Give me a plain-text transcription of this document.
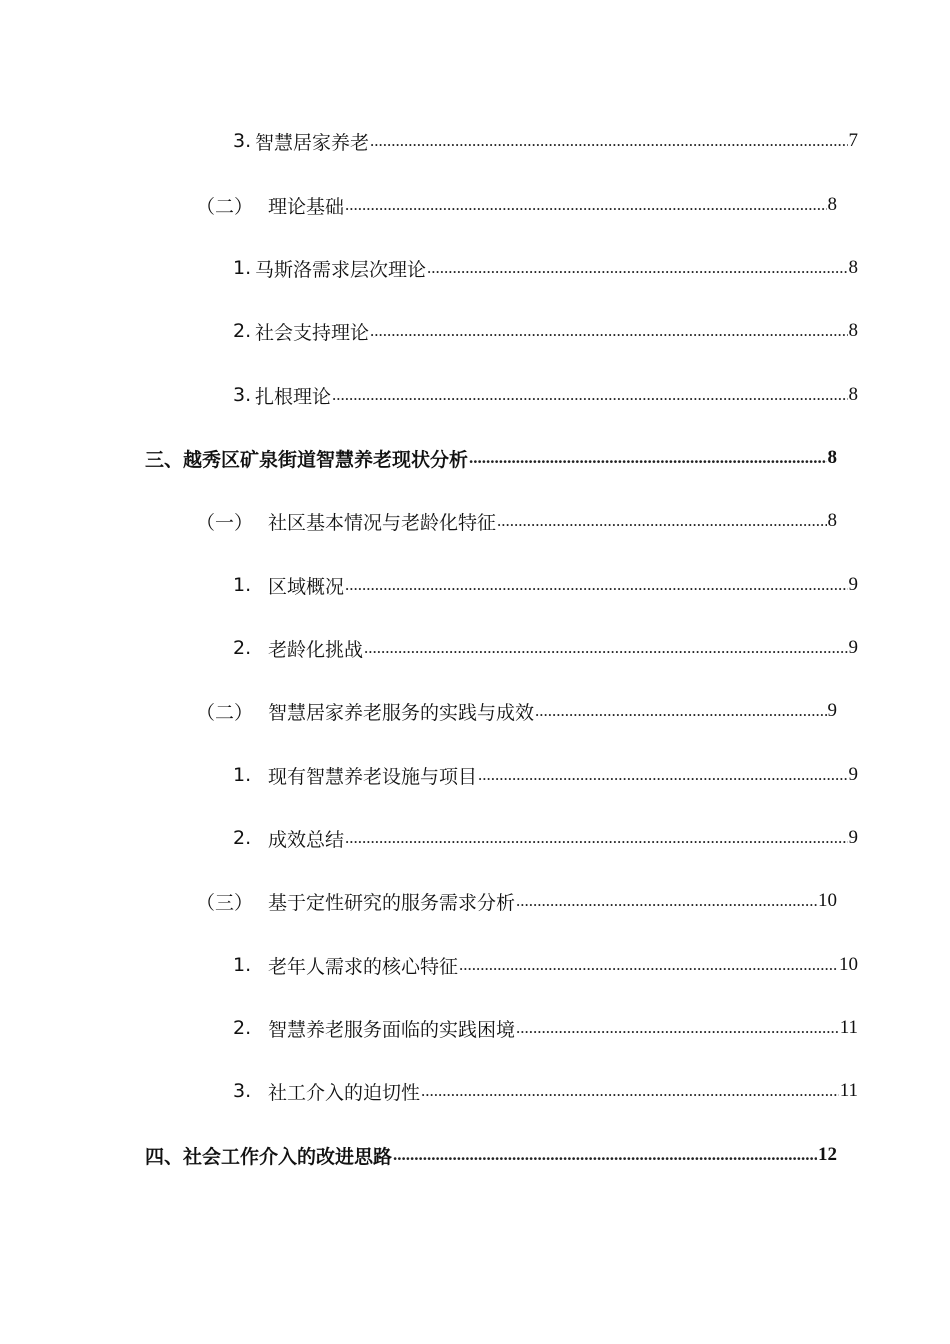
3. 智慧居家养老 .....	7
（二） 理论基础 .....	8
1. 马斯洛需求层次理论 .....	8
2. 社会支持理论 .....	8
3. 扎根理论 .....	8
三、 越秀区矿泉街道智慧养老现状分析 .....	8
（一） 社区基本情况与老龄化特征 .....	8
1. 区域概况 .....	9
2. 老龄化挑战 .....	9
（二） 智慧居家养老服务的实践与成效 .....	9
1. 现有智慧养老设施与项目 .....	9
2. 成效总结 .....	9
（三） 基于定性研究的服务需求分析 .....	10
1. 老年人需求的核心特征 .....	10
2. 智慧养老服务面临的实践困境 .....	11
3. 社工介入的迫切性 .....	11
四、 社会工作介入的改进思路 .....	12
